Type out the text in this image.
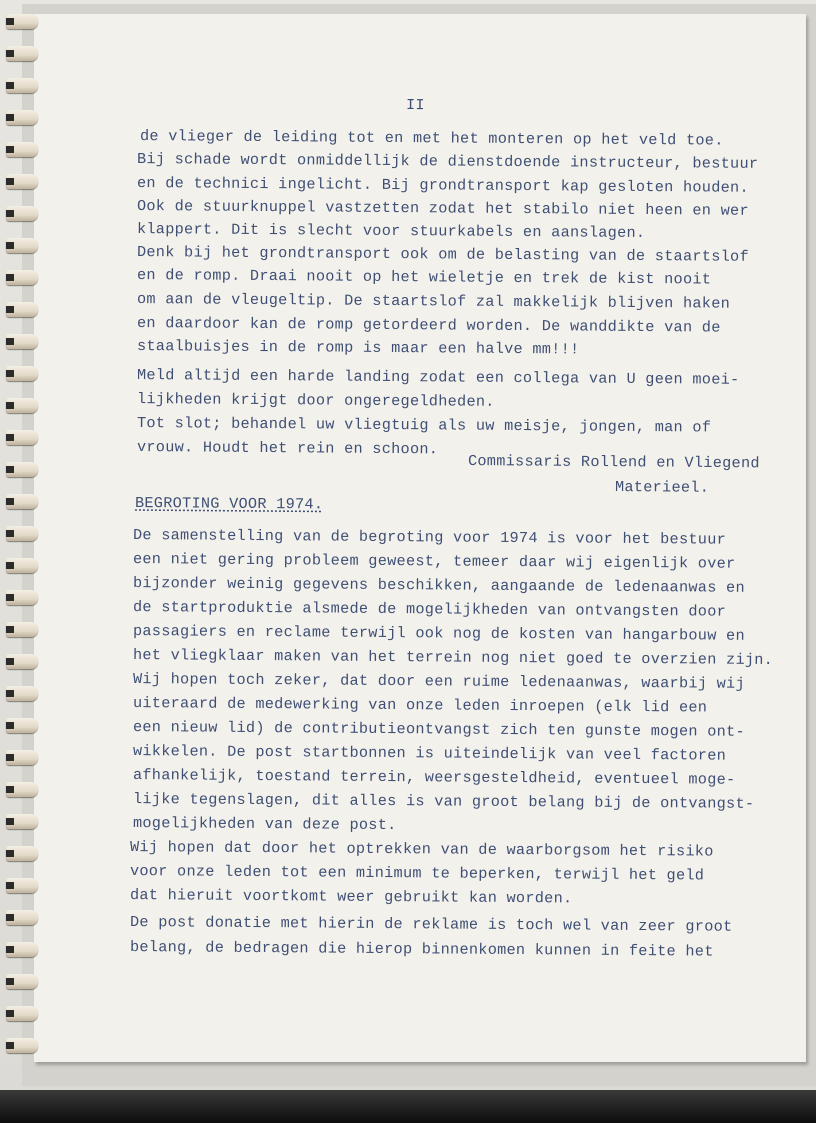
II
de vlieger de leiding tot en met het monteren op het veld toe.
Bij schade wordt onmiddellijk de dienstdoende instructeur, bestuur
en de technici ingelicht. Bij grondtransport kap gesloten houden.
Ook de stuurknuppel vastzetten zodat het stabilo niet heen en wer
klappert. Dit is slecht voor stuurkabels en aanslagen.
Denk bij het grondtransport ook om de belasting van de staartslof
en de romp. Draai nooit op het wieletje en trek de kist nooit
om aan de vleugeltip. De staartslof zal makkelijk blijven haken
en daardoor kan de romp getordeerd worden. De wanddikte van de
staalbuisjes in de romp is maar een halve mm!!!
Meld altijd een harde landing zodat een collega van U geen moei-
lijkheden krijgt door ongeregeldheden.
Tot slot; behandel uw vliegtuig als uw meisje, jongen, man of
vrouw. Houdt het rein en schoon.
Commissaris Rollend en Vliegend
Materieel.
BEGROTING VOOR 1974.
De samenstelling van de begroting voor 1974 is voor het bestuur
een niet gering probleem geweest, temeer daar wij eigenlijk over
bijzonder weinig gegevens beschikken, aangaande de ledenaanwas en
de startproduktie alsmede de mogelijkheden van ontvangsten door
passagiers en reclame terwijl ook nog de kosten van hangarbouw en
het vliegklaar maken van het terrein nog niet goed te overzien zijn.
Wij hopen toch zeker, dat door een ruime ledenaanwas, waarbij wij
uiteraard de medewerking van onze leden inroepen (elk lid een
een nieuw lid) de contributieontvangst zich ten gunste mogen ont-
wikkelen. De post startbonnen is uiteindelijk van veel factoren
afhankelijk, toestand terrein, weersgesteldheid, eventueel moge-
lijke tegenslagen, dit alles is van groot belang bij de ontvangst-
mogelijkheden van deze post.
Wij hopen dat door het optrekken van de waarborgsom het risiko
voor onze leden tot een minimum te beperken, terwijl het geld
dat hieruit voortkomt weer gebruikt kan worden.
De post donatie met hierin de reklame is toch wel van zeer groot
belang, de bedragen die hierop binnenkomen kunnen in feite het
